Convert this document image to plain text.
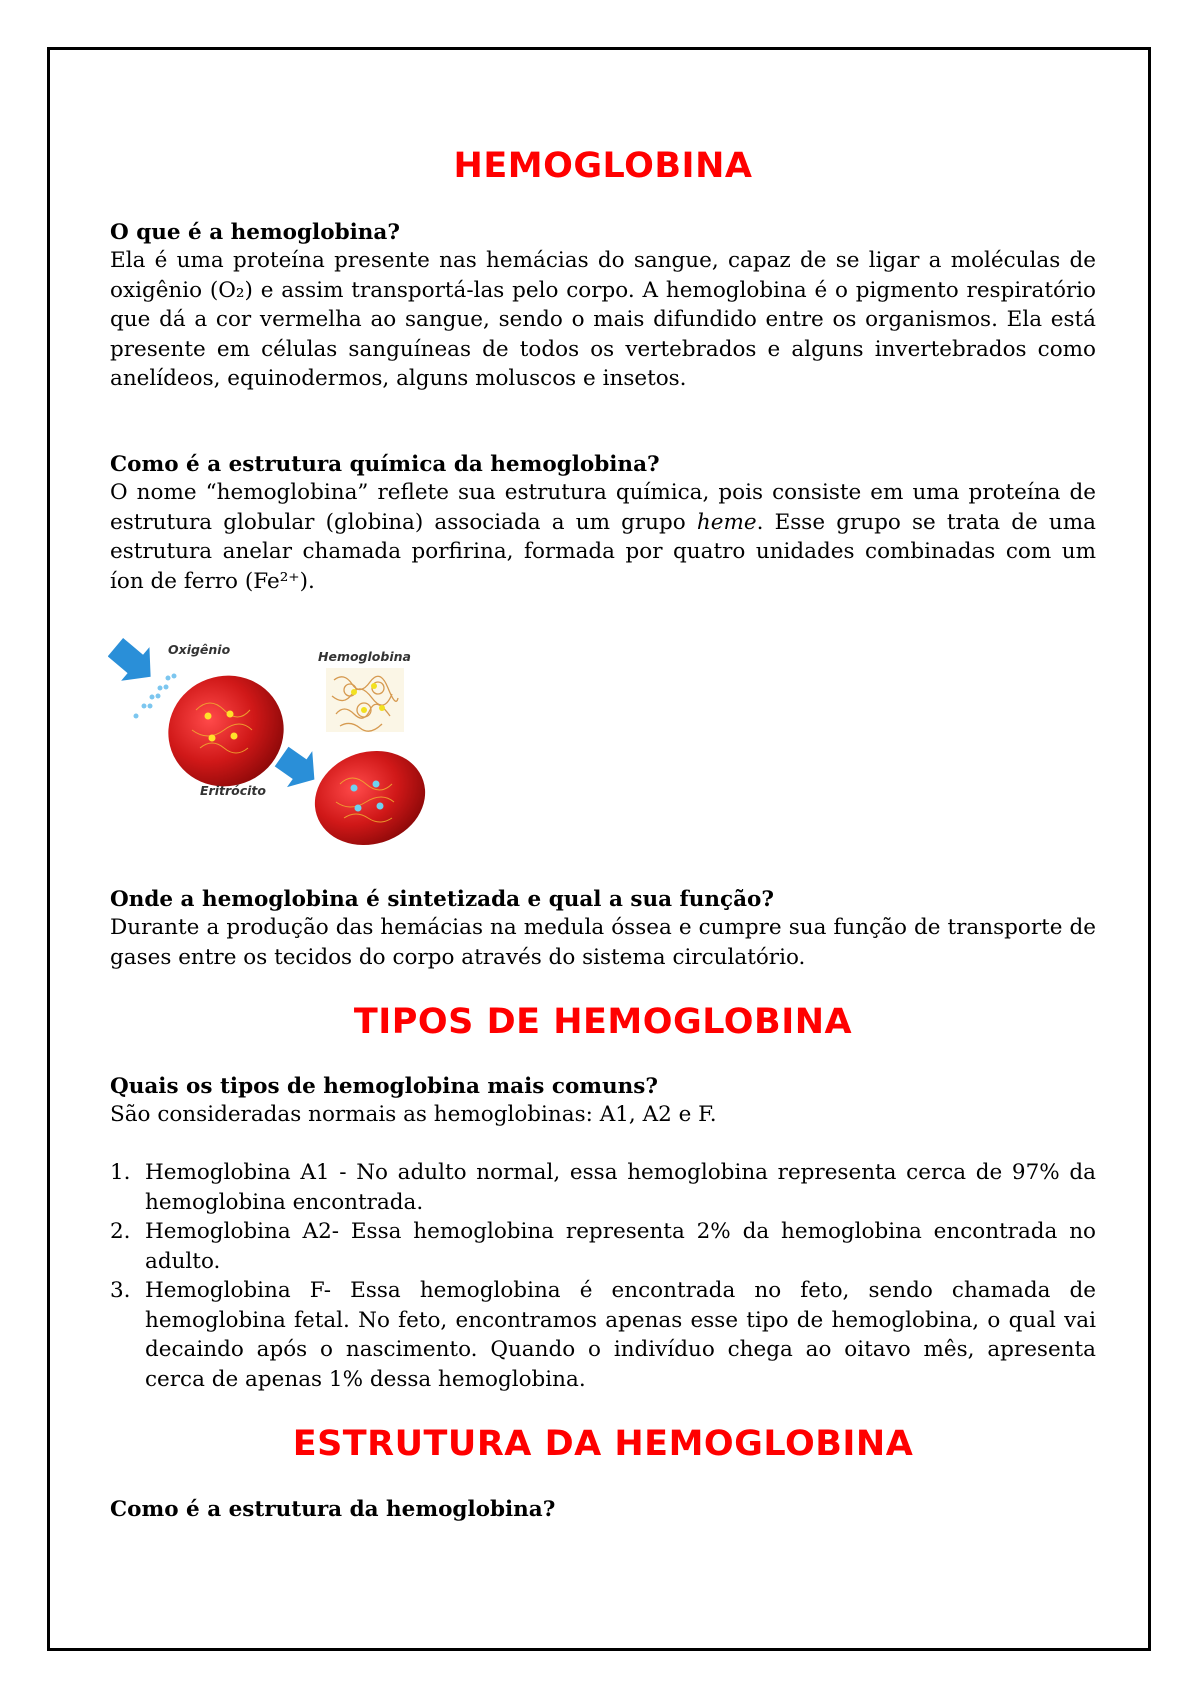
HEMOGLOBINA
O que é a hemoglobina?
Ela é uma proteína presente nas hemácias do sangue, capaz de se ligar a moléculas de oxigênio (O₂) e assim transportá-las pelo corpo. A hemoglobina é o pigmento respiratório que dá a cor vermelha ao sangue, sendo o mais difundido entre os organismos. Ela está presente em células sanguíneas de todos os vertebrados e alguns invertebrados como anelídeos, equinodermos, alguns moluscos e insetos.
Como é a estrutura química da hemoglobina?
O nome “hemoglobina” reflete sua estrutura química, pois consiste em uma proteína de estrutura globular (globina) associada a um grupo heme. Esse grupo se trata de uma estrutura anelar chamada porfirina, formada por quatro unidades combinadas com um íon de ferro (Fe²⁺).
Oxigênio	Hemoglobina
Eritrócito
Onde a hemoglobina é sintetizada e qual a sua função?
Durante a produção das hemácias na medula óssea e cumpre sua função de transporte de gases entre os tecidos do corpo através do sistema circulatório.
TIPOS DE HEMOGLOBINA
Quais os tipos de hemoglobina mais comuns?
São consideradas normais as hemoglobinas: A1, A2 e F.
1. Hemoglobina A1 - No adulto normal, essa hemoglobina representa cerca de 97% da hemoglobina encontrada.
2. Hemoglobina A2- Essa hemoglobina representa 2% da hemoglobina encontrada no adulto.
3. Hemoglobina F- Essa hemoglobina é encontrada no feto, sendo chamada de hemoglobina fetal. No feto, encontramos apenas esse tipo de hemoglobina, o qual vai decaindo após o nascimento. Quando o indivíduo chega ao oitavo mês, apresenta cerca de apenas 1% dessa hemoglobina.
ESTRUTURA DA HEMOGLOBINA
Como é a estrutura da hemoglobina?
